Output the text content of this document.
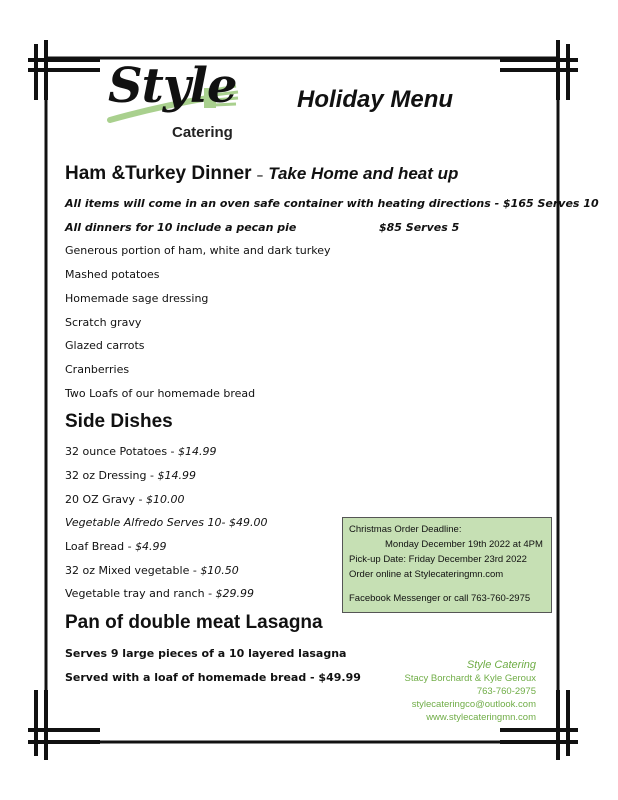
Style
Catering
Holiday Menu
Ham &Turkey Dinner – Take Home and heat up
All items will come in an oven safe container with heating directions - $165 Serves 10
All dinners for 10 include a pecan pie	$85 Serves 5
Generous portion of ham, white and dark turkey
Mashed potatoes
Homemade sage dressing
Scratch gravy
Glazed carrots
Cranberries
Two Loafs of our homemade bread
Side Dishes
32 ounce Potatoes - $14.99
32 oz Dressing - $14.99
20 OZ Gravy - $10.00
Vegetable Alfredo Serves 10- $49.00
Loaf Bread - $4.99
32 oz Mixed vegetable - $10.50
Vegetable tray and ranch - $29.99
Pan of double meat Lasagna
Serves 9 large pieces of a 10 layered lasagna
Served with a loaf of homemade bread - $49.99
Christmas Order Deadline:
Monday December 19th 2022 at 4PM
Pick-up Date: Friday December 23rd 2022
Order online at Stylecateringmn.com
Facebook Messenger or call 763-760-2975
Style Catering
Stacy Borchardt & Kyle Geroux
763-760-2975
stylecateringco@outlook.com
www.stylecateringmn.com
